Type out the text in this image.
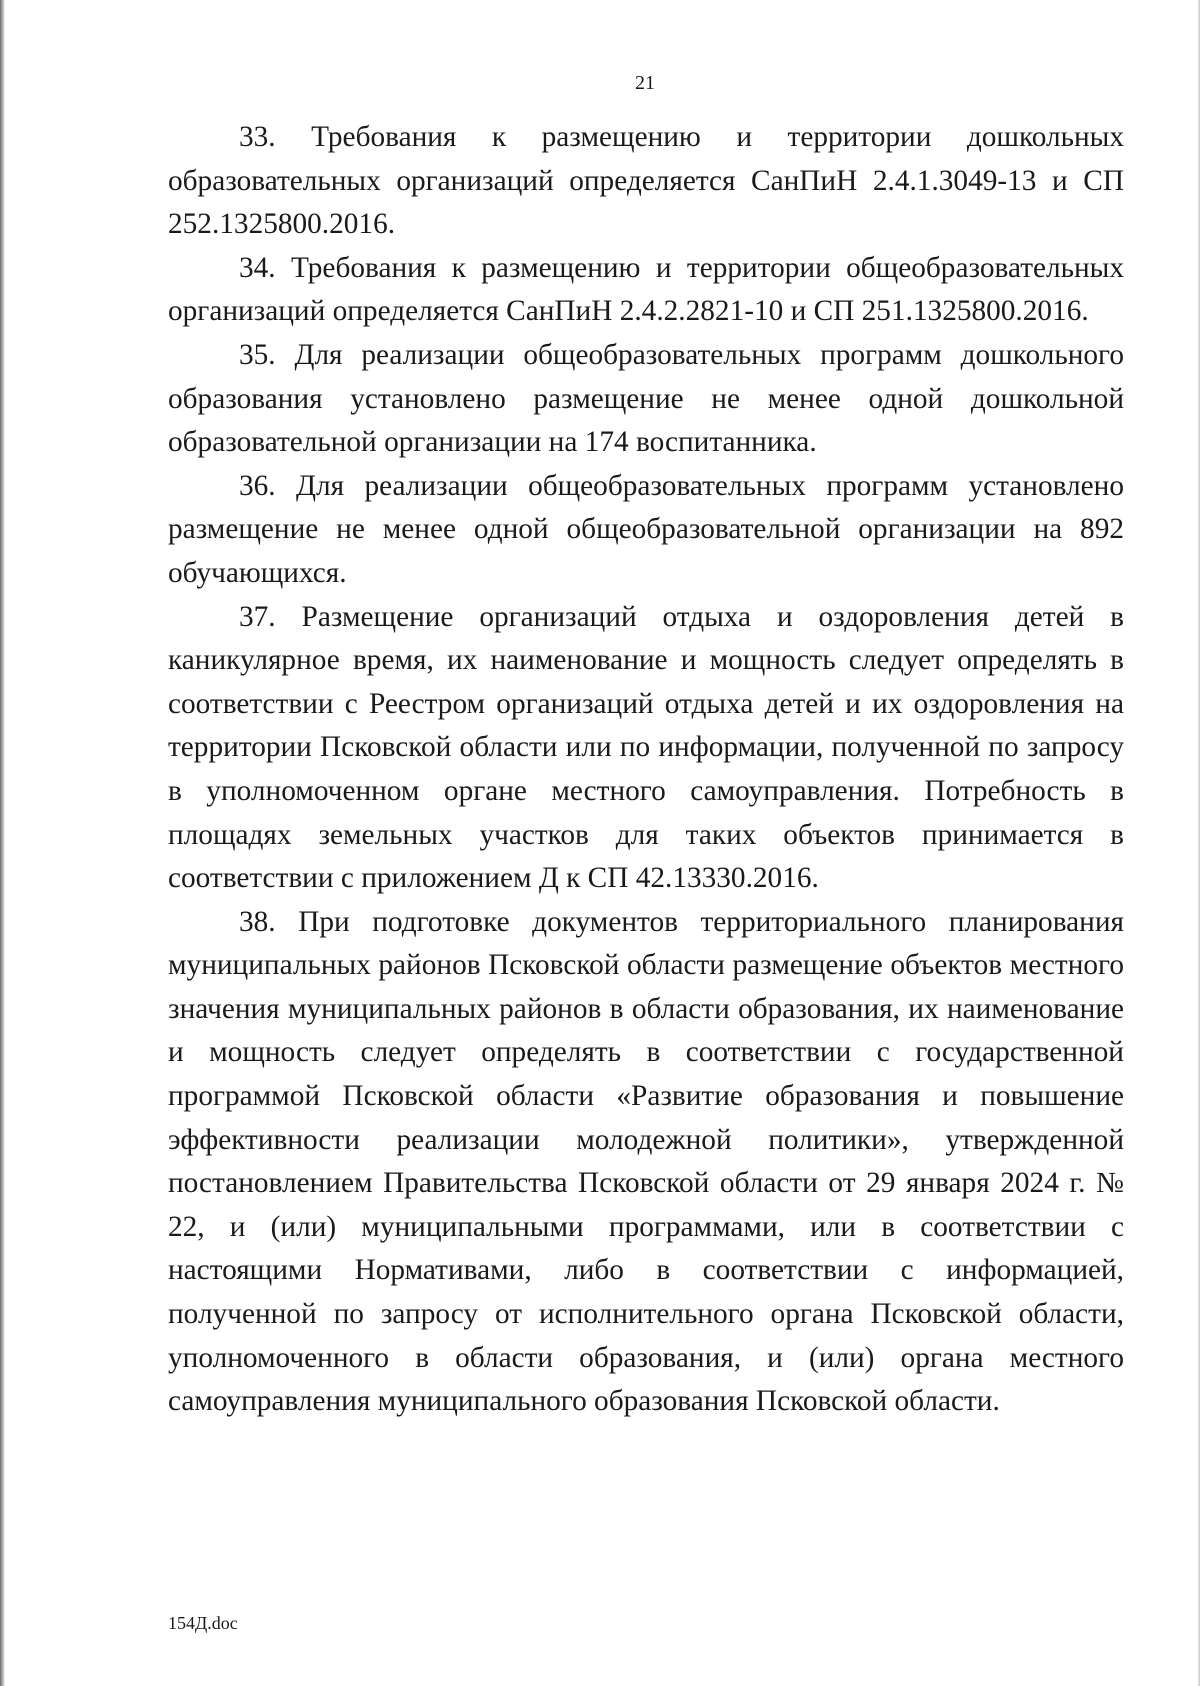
21

33. Требования к размещению и территории дошкольных образовательных организаций определяется СанПиН 2.4.1.3049-13 и СП 252.1325800.2016.

34. Требования к размещению и территории общеобразовательных организаций определяется СанПиН 2.4.2.2821-10 и СП 251.1325800.2016.

35. Для реализации общеобразовательных программ дошкольного образования установлено размещение не менее одной дошкольной образовательной организации на 174 воспитанника.

36. Для реализации общеобразовательных программ установлено размещение не менее одной общеобразовательной организации на 892 обучающихся.

37. Размещение организаций отдыха и оздоровления детей в каникулярное время, их наименование и мощность следует определять в соответствии с Реестром организаций отдыха детей и их оздоровления на территории Псковской области или по информации, полученной по запросу в уполномоченном органе местного самоуправления. Потребность в площадях земельных участков для таких объектов принимается в соответствии с приложением Д к СП 42.13330.2016.

38. При подготовке документов территориального планирования муниципальных районов Псковской области размещение объектов местного значения муниципальных районов в области образования, их наименование и мощность следует определять в соответствии с государственной программой Псковской области «Развитие образования и повышение эффективности реализации молодежной политики», утвержденной постановлением Правительства Псковской области от 29 января 2024 г. № 22, и (или) муниципальными программами, или в соответствии с настоящими Нормативами, либо в соответствии с информацией, полученной по запросу от исполнительного органа Псковской области, уполномоченного в области образования, и (или) органа местного самоуправления муниципального образования Псковской области.

154Д.doc
